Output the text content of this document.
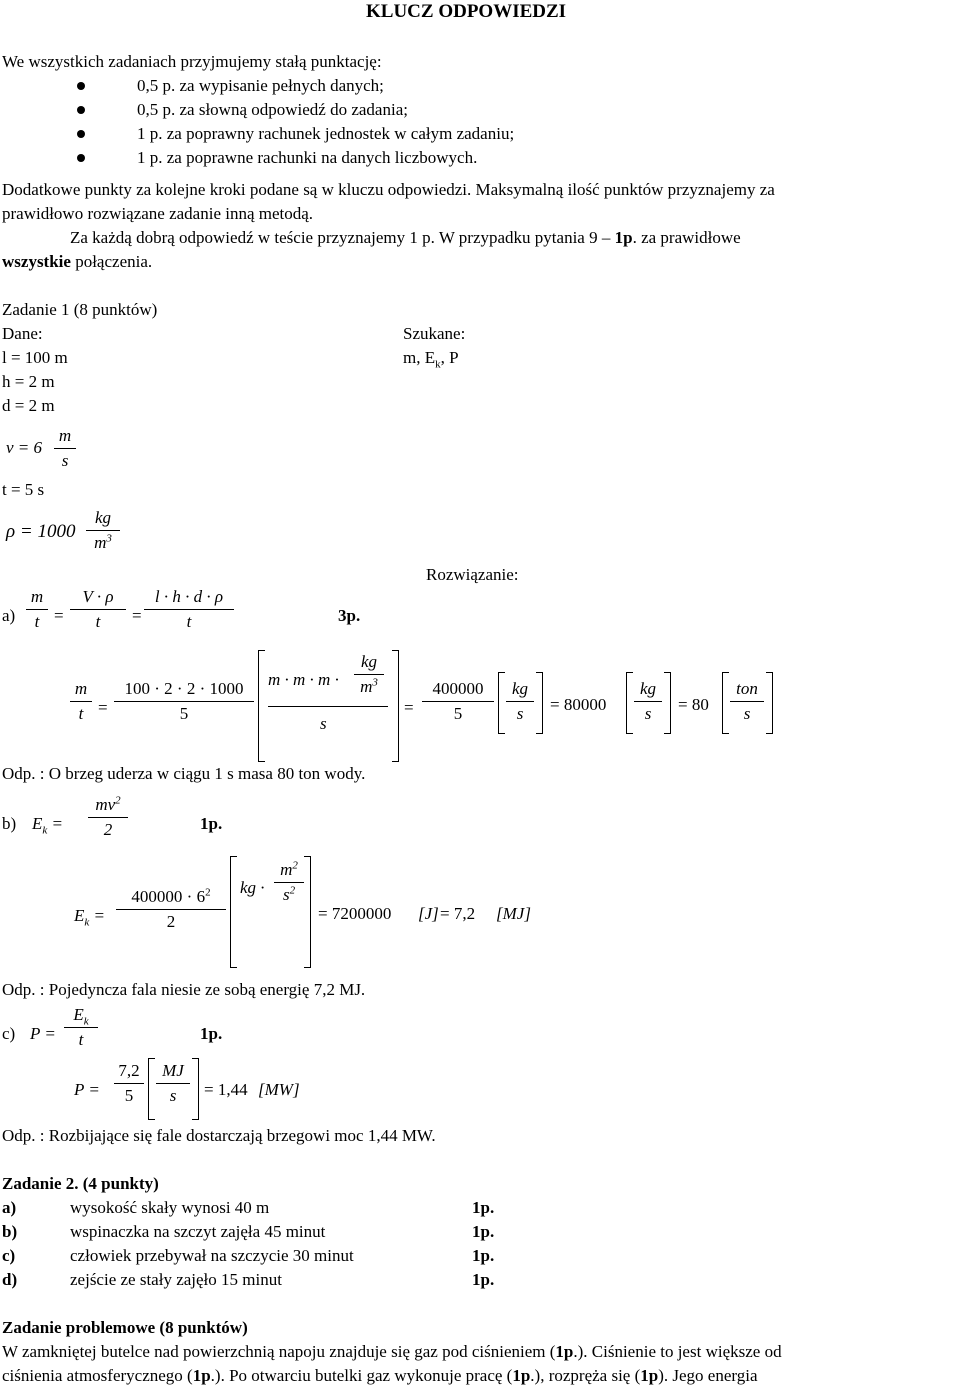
KLUCZ ODPOWIEDZI
We wszystkich zadaniach przyjmujemy stałą punktację:
0,5 p. za wypisanie pełnych danych;
0,5 p. za słowną odpowiedź do zadania;
1 p. za poprawny rachunek jednostek w całym zadaniu;
1 p. za poprawne rachunki na danych liczbowych.
Dodatkowe punkty za kolejne kroki podane są w kluczu odpowiedzi. Maksymalną ilość punktów przyznajemy za
prawidłowo rozwiązane zadanie inną metodą.
Za każdą dobrą odpowiedź w teście przyznajemy 1 p. W przypadku pytania 9 – 1p. za prawidłowe
wszystkie połączenia.
Zadanie 1 (8 punktów)
Dane:	Szukane:
l = 100 m	m, $E_k$, P
h = 2 m
d = 2 m
v = 6
m
s
t = 5 s
ρ = 1000
kg
$m^3$
Rozwiązanie:
a)
m
t =
V · ρ
t	=
l · h · d · ρ
t	3p.
m
t =
100 · 2 · 2 · 1000
5
m · m · m ·
kg
$m^3$
s
=
400000
5
kg
s	= 80000
kg
s	= 80
ton
s
Odp. : O brzeg uderza w ciągu 1 s masa 80 ton wody.
b) $E_k$ =
$mv^2$
2	1p.
$E_k$ =
$400000 \cdot 6^2$
2
kg ·
$m^2$
$s^2$
= 7200000 [J] = 7,2 [MJ]
Odp. : Pojedyncza fala niesie ze sobą energię 7,2 MJ.
c) P =
$E_k$
t	1p.
P =
7,2
5
MJ
s	= 1,44 [MW]
Odp. : Rozbijające się fale dostarczają brzegowi moc 1,44 MW.
Zadanie 2. (4 punkty)
a)	wysokość skały wynosi 40 m	1p.
b)	wspinaczka na szczyt zajęła 45 minut	1p.
c)	człowiek przebywał na szczycie 30 minut	1p.
d)	zejście ze stały zajęło 15 minut	1p.
Zadanie problemowe (8 punktów)
W zamkniętej butelce nad powierzchnią napoju znajduje się gaz pod ciśnieniem (1p.). Ciśnienie to jest większe od
ciśnienia atmosferycznego (1p.). Po otwarciu butelki gaz wykonuje pracę (1p.), rozpręża się (1p). Jego energia
